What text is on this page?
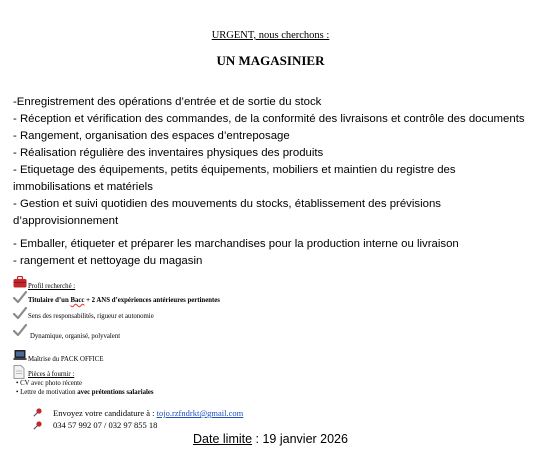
URGENT, nous cherchons :
UN MAGASINIER
-Enregistrement des opérations d’entrée et de sortie du stock
- Réception et vérification des commandes, de la conformité des livraisons et contrôle des documents
- Rangement, organisation des espaces d’entreposage
- Réalisation régulière des inventaires physiques des produits
- Etiquetage des équipements, petits équipements, mobiliers et maintien du registre des
immobilisations et matériels
- Gestion et suivi quotidien des mouvements du stocks, établissement des prévisions
d’approvisionnement
- Emballer, étiqueter et préparer les marchandises pour la production interne ou livraison
- rangement et nettoyage du magasin
Profil recherché :
Titulaire d’un Bacc + 2 ANS d’expériences antérieures pertinentes
Sens des responsabilités, rigueur et autonomie
Dynamique, organisé, polyvalent
Maîtrise du PACK OFFICE
Pièces à fournir :
• CV avec photo récente
• Lettre de motivation avec prétentions salariales
Envoyez votre candidature à : tojo.rzfndrkt@gmail.com
034 57 992 07 / 032 97 855 18
Date limite : 19 janvier 2026
